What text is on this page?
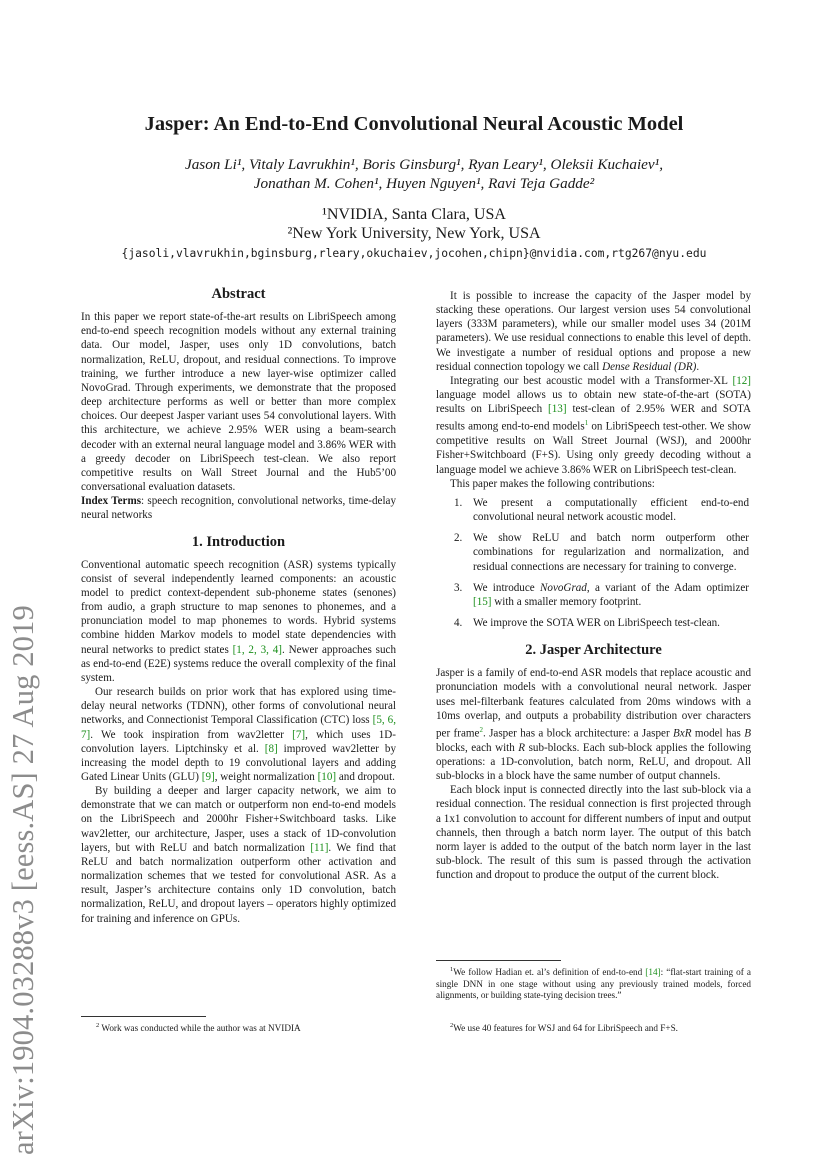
arXiv:1904.03288v3 [eess.AS] 27 Aug 2019
Jasper: An End-to-End Convolutional Neural Acoustic Model
Jason Li¹, Vitaly Lavrukhin¹, Boris Ginsburg¹, Ryan Leary¹, Oleksii Kuchaiev¹,
Jonathan M. Cohen¹, Huyen Nguyen¹, Ravi Teja Gadde²
¹NVIDIA, Santa Clara, USA
²New York University, New York, USA
{jasoli,vlavrukhin,bginsburg,rleary,okuchaiev,jocohen,chipn}@nvidia.com,rtg267@nyu.edu
Abstract

In this paper we report state-of-the-art results on LibriSpeech among end-to-end speech recognition models without any external training data. Our model, Jasper, uses only 1D convolutions, batch normalization, ReLU, dropout, and residual connections. To improve training, we further introduce a new layer-wise optimizer called NovoGrad. Through experiments, we demonstrate that the proposed deep architecture performs as well or better than more complex choices. Our deepest Jasper variant uses 54 convolutional layers. With this architecture, we achieve 2.95% WER using a beam-search decoder with an external neural language model and 3.86% WER with a greedy decoder on LibriSpeech test-clean. We also report competitive results on Wall Street Journal and the Hub5’00 conversational evaluation datasets.

Index Terms: speech recognition, convolutional networks, time-delay neural networks

1. Introduction

Conventional automatic speech recognition (ASR) systems typically consist of several independently learned components: an acoustic model to predict context-dependent sub-phoneme states (senones) from audio, a graph structure to map senones to phonemes, and a pronunciation model to map phonemes to words. Hybrid systems combine hidden Markov models to model state dependencies with neural networks to predict states [1, 2, 3, 4]. Newer approaches such as end-to-end (E2E) systems reduce the overall complexity of the final system.

Our research builds on prior work that has explored using time-delay neural networks (TDNN), other forms of convolutional neural networks, and Connectionist Temporal Classification (CTC) loss [5, 6, 7]. We took inspiration from wav2letter [7], which uses 1D-convolution layers. Liptchinsky et al. [8] improved wav2letter by increasing the model depth to 19 convolutional layers and adding Gated Linear Units (GLU) [9], weight normalization [10] and dropout.

By building a deeper and larger capacity network, we aim to demonstrate that we can match or outperform non end-to-end models on the LibriSpeech and 2000hr Fisher+Switchboard tasks. Like wav2letter, our architecture, Jasper, uses a stack of 1D-convolution layers, but with ReLU and batch normalization [11]. We find that ReLU and batch normalization outperform other activation and normalization schemes that we tested for convolutional ASR. As a result, Jasper’s architecture contains only 1D convolution, batch normalization, ReLU, and dropout layers – operators highly optimized for training and inference on GPUs.

$^2$ Work was conducted while the author was at NVIDIA

It is possible to increase the capacity of the Jasper model by stacking these operations. Our largest version uses 54 convolutional layers (333M parameters), while our smaller model uses 34 (201M parameters). We use residual connections to enable this level of depth. We investigate a number of residual options and propose a new residual connection topology we call Dense Residual (DR).

Integrating our best acoustic model with a Transformer-XL [12] language model allows us to obtain new state-of-the-art (SOTA) results on LibriSpeech [13] test-clean of 2.95% WER and SOTA results among end-to-end models$^1$ on LibriSpeech test-other. We show competitive results on Wall Street Journal (WSJ), and 2000hr Fisher+Switchboard (F+S). Using only greedy decoding without a language model we achieve 3.86% WER on LibriSpeech test-clean.

This paper makes the following contributions:

1. We present a computationally efficient end-to-end convolutional neural network acoustic model.
2. We show ReLU and batch norm outperform other combinations for regularization and normalization, and residual connections are necessary for training to converge.
3. We introduce NovoGrad, a variant of the Adam optimizer [15] with a smaller memory footprint.
4. We improve the SOTA WER on LibriSpeech test-clean.
2. Jasper Architecture

Jasper is a family of end-to-end ASR models that replace acoustic and pronunciation models with a convolutional neural network. Jasper uses mel-filterbank features calculated from 20ms windows with a 10ms overlap, and outputs a probability distribution over characters per frame$^2$. Jasper has a block architecture: a Jasper BxR model has B blocks, each with R sub-blocks. Each sub-block applies the following operations: a 1D-convolution, batch norm, ReLU, and dropout. All sub-blocks in a block have the same number of output channels.

Each block input is connected directly into the last sub-block via a residual connection. The residual connection is first projected through a 1x1 convolution to account for different numbers of input and output channels, then through a batch norm layer. The output of this batch norm layer is added to the output of the batch norm layer in the last sub-block. The result of this sum is passed through the activation function and dropout to produce the output of the current block.

$^1$We follow Hadian et. al’s definition of end-to-end [14]: “flat-start training of a single DNN in one stage without using any previously trained models, forced alignments, or building state-tying decision trees.”
$^2$We use 40 features for WSJ and 64 for LibriSpeech and F+S.
